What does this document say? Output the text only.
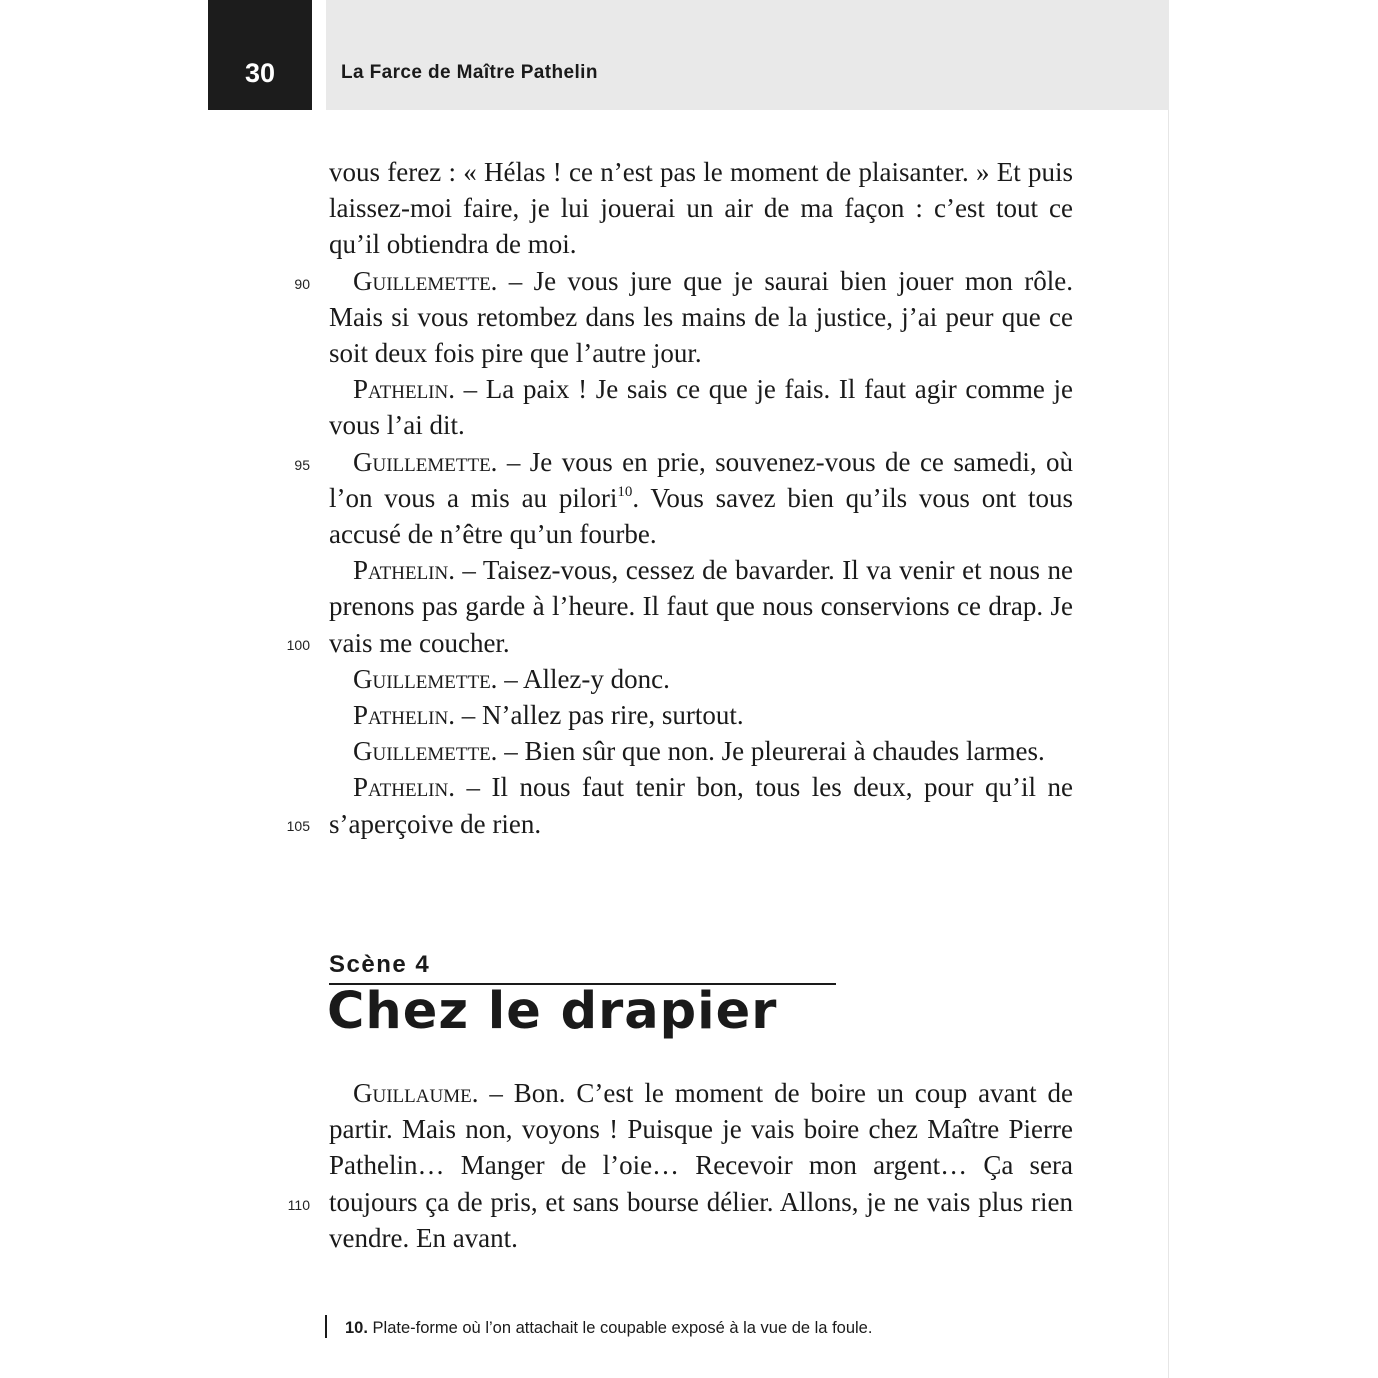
30	La Farce de Maître Pathelin

vous ferez : « Hélas ! ce n’est pas le moment de plaisanter. » Et puis laissez-moi faire, je lui jouerai un air de ma façon : c’est tout ce qu’il obtiendra de moi.

Guillemette. – Je vous jure que je saurai bien jouer mon rôle. Mais si vous retombez dans les mains de la justice, j’ai peur que ce soit deux fois pire que l’autre jour.

Pathelin. – La paix ! Je sais ce que je fais. Il faut agir comme je vous l’ai dit.

Guillemette. – Je vous en prie, souvenez-vous de ce samedi, où l’on vous a mis au pilori$^{10}$. Vous savez bien qu’ils vous ont tous accusé de n’être qu’un fourbe.

Pathelin. – Taisez-vous, cessez de bavarder. Il va venir et nous ne prenons pas garde à l’heure. Il faut que nous conservions ce drap. Je vais me coucher.

Guillemette. – Allez-y donc.

Pathelin. – N’allez pas rire, surtout.

Guillemette. – Bien sûr que non. Je pleurerai à chaudes larmes.

Pathelin. – Il nous faut tenir bon, tous les deux, pour qu’il ne s’aperçoive de rien.

90
95
100
105
110
Scène 4
Chez le drapier

Guillaume. – Bon. C’est le moment de boire un coup avant de partir. Mais non, voyons ! Puisque je vais boire chez Maître Pierre Pathelin… Manger de l’oie… Recevoir mon argent… Ça sera toujours ça de pris, et sans bourse délier. Allons, je ne vais plus rien vendre. En avant.

10. Plate-forme où l’on attachait le coupable exposé à la vue de la foule.
